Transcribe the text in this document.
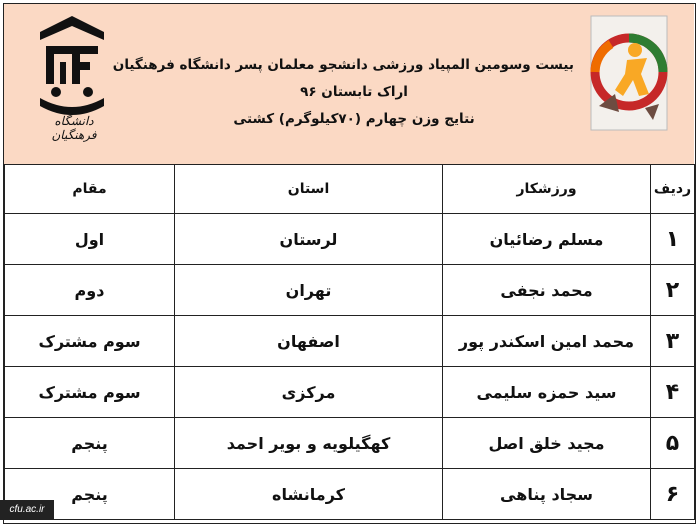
دانشگاه فرهنگیان
بیست وسومین المپیاد ورزشی دانشجو معلمان پسر دانشگاه فرهنگیان
اراک تابستان ۹۶
نتایج وزن چهارم (۷۰کیلوگرم) کشتی
ردیف	ورزشکار	استان	مقام
۱	مسلم رضائیان	لرستان	اول
۲	محمد نجفی	تهران	دوم
۳	محمد امین اسکندر پور	اصفهان	سوم مشترک
۴	سید حمزه سلیمی	مرکزی	سوم مشترک
۵	مجید خلق اصل	کهگیلویه و بویر احمد	پنجم
۶	سجاد پناهی	کرمانشاه	پنجم
cfu.ac.ir
